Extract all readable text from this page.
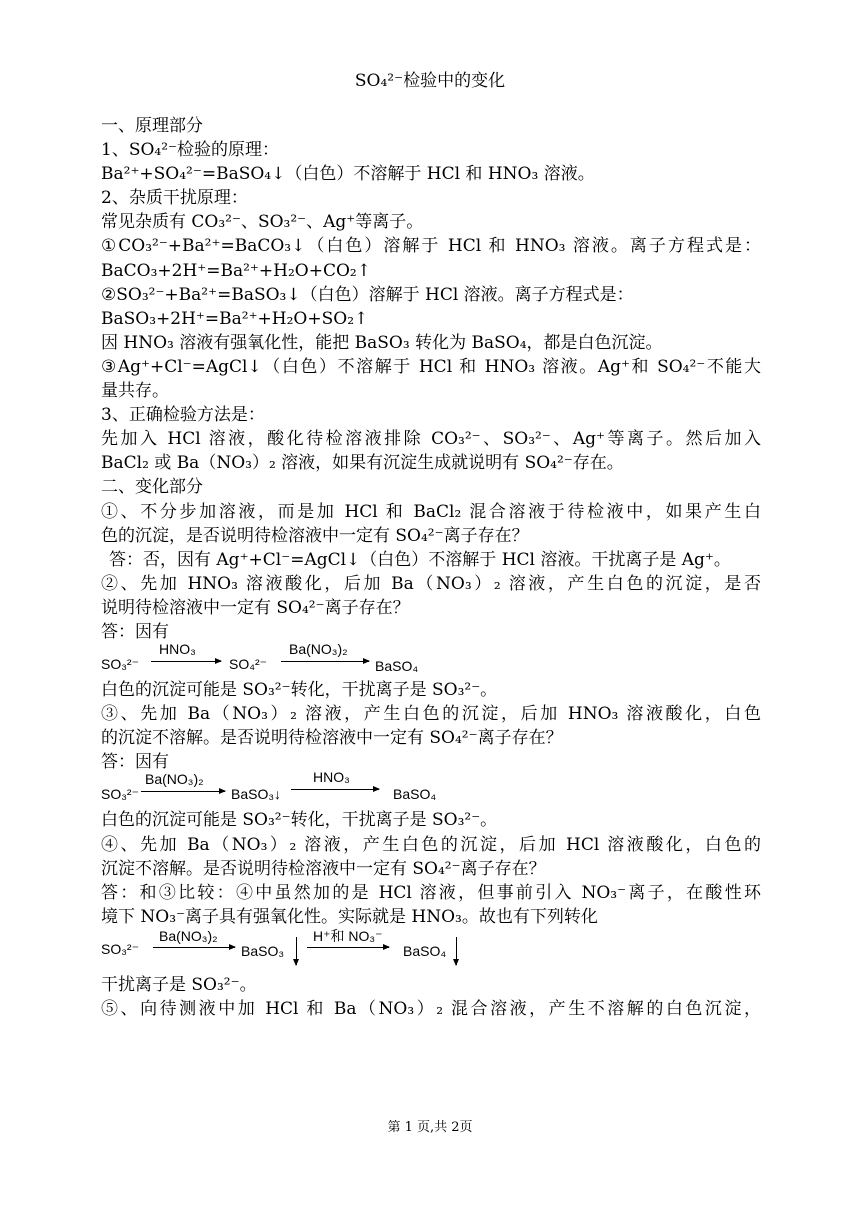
SO₄²⁻检验中的变化
一、原理部分
1、SO₄²⁻检验的原理：
Ba²⁺+SO₄²⁻=BaSO₄↓（白色）不溶解于 HCl 和 HNO₃ 溶液。
2、杂质干扰原理：
常见杂质有 CO₃²⁻、SO₃²⁻、Ag⁺等离子。
①CO₃²⁻+Ba²⁺=BaCO₃↓（白色）溶解于 HCl 和 HNO₃ 溶液。离子方程式是：
BaCO₃+2H⁺=Ba²⁺+H₂O+CO₂↑
②SO₃²⁻+Ba²⁺=BaSO₃↓（白色）溶解于 HCl 溶液。离子方程式是：
BaSO₃+2H⁺=Ba²⁺+H₂O+SO₂↑
因 HNO₃ 溶液有强氧化性，能把 BaSO₃ 转化为 BaSO₄，都是白色沉淀。
③Ag⁺+Cl⁻=AgCl↓（白色）不溶解于 HCl 和 HNO₃ 溶液。Ag⁺和 SO₄²⁻不能大
量共存。
3、正确检验方法是：
先加入 HCl 溶液，酸化待检溶液排除 CO₃²⁻、SO₃²⁻、Ag⁺等离子。然后加入
BaCl₂ 或 Ba（NO₃）₂ 溶液，如果有沉淀生成就说明有 SO₄²⁻存在。
二、变化部分
①、不分步加溶液，而是加 HCl 和 BaCl₂ 混合溶液于待检液中，如果产生白
色的沉淀，是否说明待检溶液中一定有 SO₄²⁻离子存在？
答：否，因有 Ag⁺+Cl⁻=AgCl↓（白色）不溶解于 HCl 溶液。干扰离子是 Ag⁺。
②、先加 HNO₃ 溶液酸化，后加 Ba（NO₃）₂ 溶液，产生白色的沉淀，是否
说明待检溶液中一定有 SO₄²⁻离子存在？
答：因有
SO₃²⁻
HNO₃
SO₄²⁻
Ba(NO₃)₂
BaSO₄
白色的沉淀可能是 SO₃²⁻转化，干扰离子是 SO₃²⁻。
③、先加 Ba（NO₃）₂ 溶液，产生白色的沉淀，后加 HNO₃ 溶液酸化，白色
的沉淀不溶解。是否说明待检溶液中一定有 SO₄²⁻离子存在？
答：因有
SO₃²⁻
Ba(NO₃)₂
BaSO₃↓
HNO₃
BaSO₄
白色的沉淀可能是 SO₃²⁻转化，干扰离子是 SO₃²⁻。
④、先加 Ba（NO₃）₂ 溶液，产生白色的沉淀，后加 HCl 溶液酸化，白色的
沉淀不溶解。是否说明待检溶液中一定有 SO₄²⁻离子存在？
答：和③比较：④中虽然加的是 HCl 溶液，但事前引入 NO₃⁻离子，在酸性环
境下 NO₃⁻离子具有强氧化性。实际就是 HNO₃。故也有下列转化
SO₃²⁻
Ba(NO₃)₂
BaSO₃
H⁺和 NO₃⁻
BaSO₄
干扰离子是 SO₃²⁻。
⑤、向待测液中加 HCl 和 Ba（NO₃）₂ 混合溶液，产生不溶解的白色沉淀，
第 1 页,共 2页
